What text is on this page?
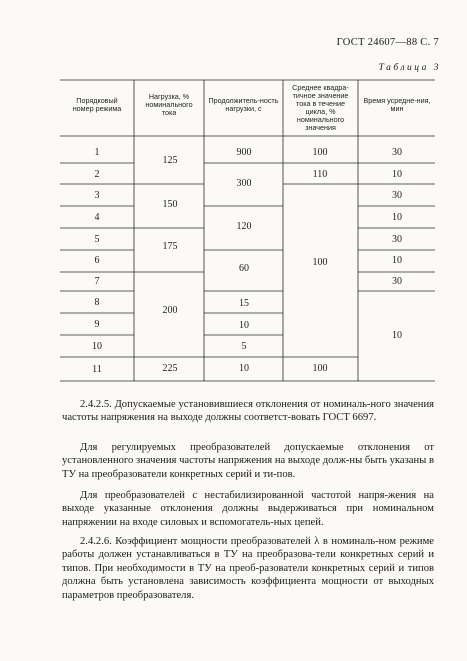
ГОСТ 24607—88 С. 7
Таблица 3
Порядковый номер режима
Нагрузка, % номинального тока
Продолжитель-ность нагрузки, с
Среднее квадра-тичное значение тока в течение цикла, % номинального значения
Время усредне-ния, мин
1
2
3
4
5
6
7
8
9
10
11
125
150
175
200
225
900
300
120
60
15
10
5
10
100
110
100
100
30
10
30
10
30
10
30
10

2.4.2.5. Допускаемые установившиеся отклонения от номиналь-ного значения частоты напряжения на выходе должны соответст-вовать ГОСТ 6697.

Для регулируемых преобразователей допускаемые отклонения от установленного значения частоты напряжения на выходе долж-ны быть указаны в ТУ на преобразователи конкретных серий и ти-пов.

Для преобразователей с нестабилизированной частотой напря-жения на выходе указанные отклонения должны выдерживаться при номинальном напряжении на входе силовых и вспомогатель-ных цепей.

2.4.2.6. Коэффициент мощности преобразователей λ в номиналь-ном режиме работы должен устанавливаться в ТУ на преобразова-тели конкретных серий и типов. При необходимости в ТУ на преоб-разователи конкретных серий и типов должна быть установлена зависимость коэффициента мощности от выходных параметров преобразователя.
